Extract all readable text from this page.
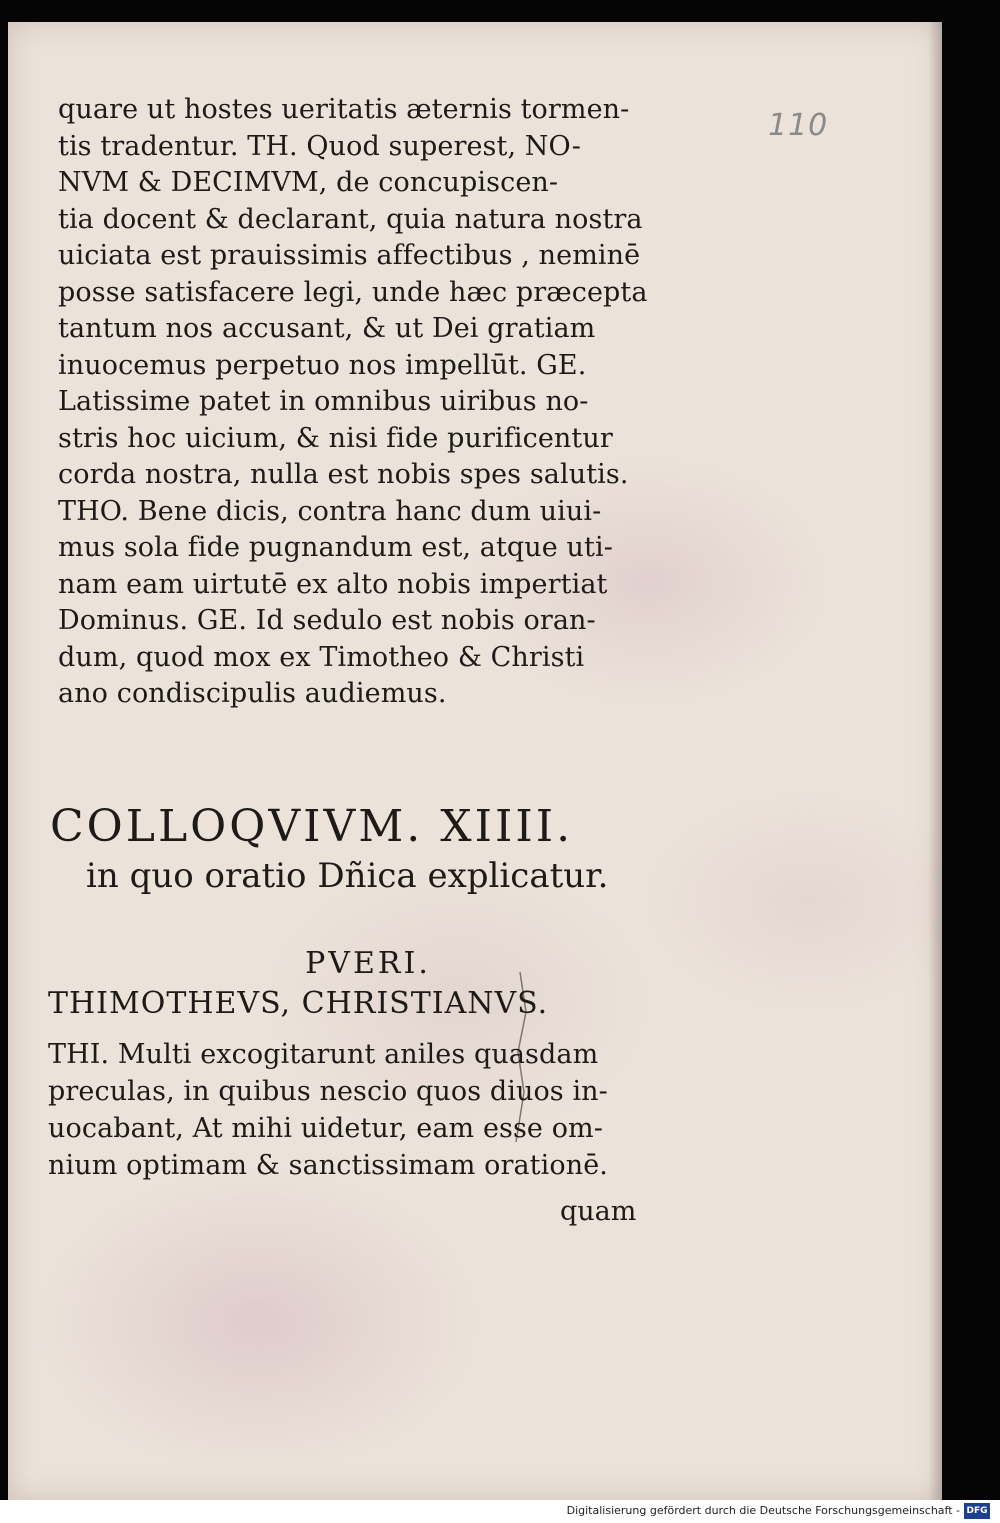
110
quare ut hostes ueritatis æternis tormen-
tis tradentur. TH. Quod superest, NO-
NVM & DECIMVM, de concupiscen-
tia docent & declarant, quia natura nostra
uiciata est prauissimis affectibus , neminē
posse satisfacere legi, unde hæc præcepta
tantum nos accusant, & ut Dei gratiam
inuocemus perpetuo nos impellūt. GE.
Latissime patet in omnibus uiribus no-
stris hoc uicium, & nisi fide purificentur
corda nostra, nulla est nobis spes salutis.
THO. Bene dicis, contra hanc dum uiui-
mus sola fide pugnandum est, atque uti-
nam eam uirtutē ex alto nobis impertiat
Dominus. GE. Id sedulo est nobis oran-
dum, quod mox ex Timotheo & Christi
ano condiscipulis audiemus.
COLLOQVIVM. XIIII.
in quo oratio Dñica explicatur.
PVERI.
THIMOTHEVS, CHRISTIANVS.
THI. Multi excogitarunt aniles quasdam
preculas, in quibus nescio quos diuos in-
uocabant, At mihi uidetur, eam esse om-
nium optimam & sanctissimam orationē.
quam
Digitalisierung gefördert durch die Deutsche Forschungsgemeinschaft - DFG
